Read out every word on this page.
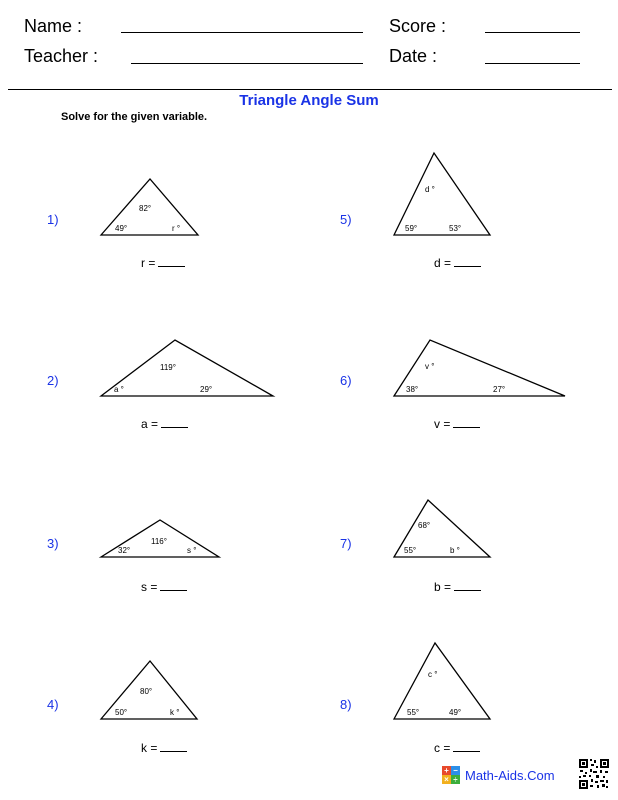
Name :
Teacher :
Score :
Date :
Triangle Angle Sum
Solve for the given variable.
1)
2)
3)
4)
5)
6)
7)
8)
r =
a =
s =
k =
d =
v =
b =
c =
82°
49°	r °
119°
a °	29°
116°
32°	s °
80°
50°	k °
d °
59°	53°
v °
38°	27°
68°
55°	b °
c °
55°	49°
+ −
× ÷ Math-Aids.Com
